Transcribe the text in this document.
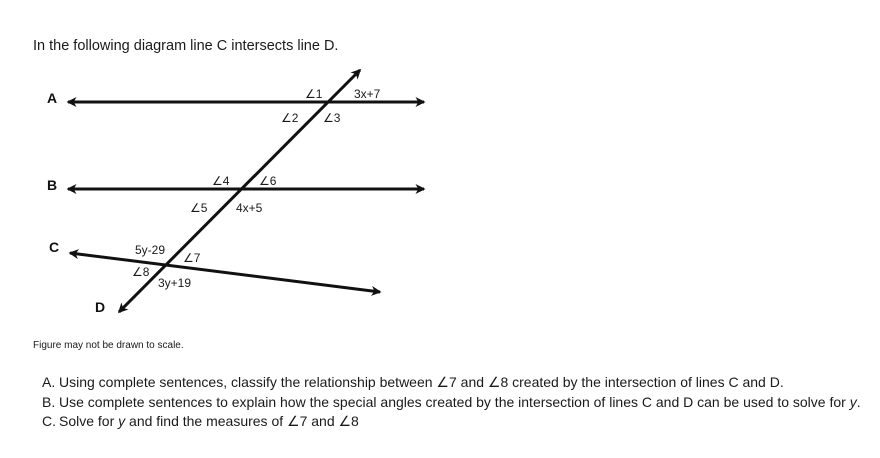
In the following diagram line C intersects line D.
A
B
C
D
∠1	3x+7
∠2 ∠3
∠4 ∠6
∠5 4x+5
5y-29
∠7
∠8
3y+19
Figure may not be drawn to scale.
A. Using complete sentences, classify the relationship between ∠7 and ∠8 created by the intersection of lines C and D.
B. Use complete sentences to explain how the special angles created by the intersection of lines C and D can be used to solve for y.
C. Solve for y and find the measures of ∠7 and ∠8
